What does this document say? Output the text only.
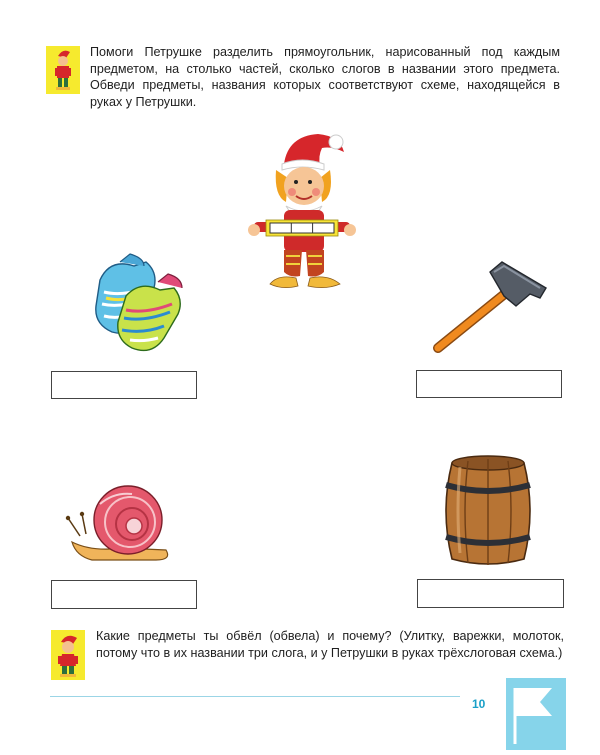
Помоги Петрушке разделить прямоугольник, нарисованный под каждым предметом, на столько частей, сколько слогов в названии этого предмета. Обведи предметы, названия которых соответствуют схеме, находящейся в руках у Петрушки.

Какие предметы ты обвёл (обвела) и почему? (Улитку, варежки, молоток, потому что в их названии три слога, и у Петрушки в руках трёхслоговая схема.)

10
